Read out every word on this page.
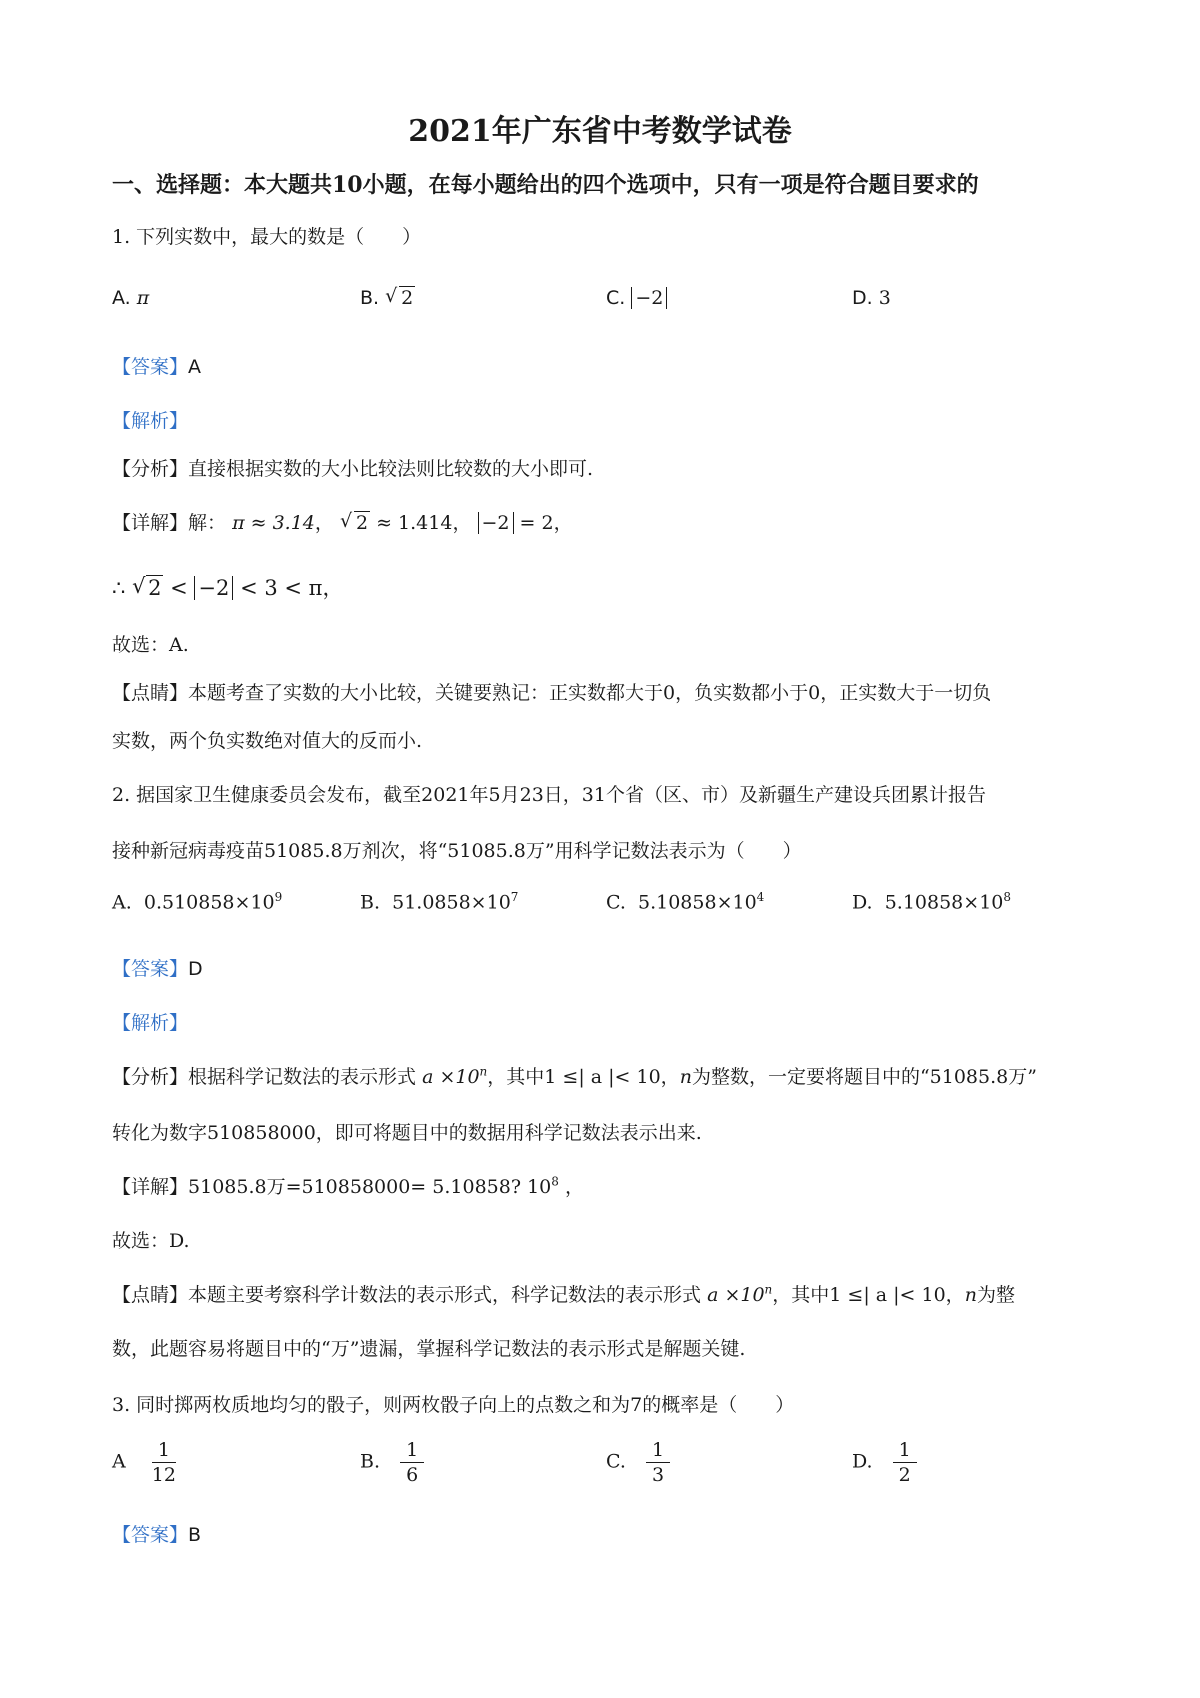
2021年广东省中考数学试卷
一、选择题：本大题共10小题，在每小题给出的四个选项中，只有一项是符合题目要求的
1. 下列实数中，最大的数是（　　）
A. π	B. √ 2	C. −2	D. 3
【答案】A
【解析】
【分析】直接根据实数的大小比较法则比较数的大小即可.
【详解】解： π ≈ 3.14， √ 2 ≈ 1.414， −2 = 2，
∴ √ 2 < −2 < 3 < π，
故选：A.
【点睛】本题考查了实数的大小比较，关键要熟记：正实数都大于0，负实数都小于0，正实数大于一切负
实数，两个负实数绝对值大的反而小.
2. 据国家卫生健康委员会发布，截至2021年5月23日，31个省（区、市）及新疆生产建设兵团累计报告
接种新冠病毒疫苗51085.8万剂次，将“51085.8万”用科学记数法表示为（　　）
A. $0.510858\times 10^9$	B. $51.0858\times 10^7$	C. $5.10858\times 10^4$	D. $5.10858\times 10^8$
【答案】D
【解析】
【分析】根据科学记数法的表示形式 $a \times 10^n$，其中1 ≤| a |< 10，n为整数，一定要将题目中的“51085.8万”
转化为数字510858000，即可将题目中的数据用科学记数法表示出来.
【详解】51085.8万=510858000= 5.10858? $10^8$ ，
故选：D.
【点睛】本题主要考察科学计数法的表示形式，科学记数法的表示形式 $a \times 10^n$，其中1 ≤| a |< 10，n为整
数，此题容易将题目中的“万”遗漏，掌握科学记数法的表示形式是解题关键.
3. 同时掷两枚质地均匀的骰子，则两枚骰子向上的点数之和为7的概率是（　　）
A $\frac{1}{12}$	B. $\frac{1}{6}$	C. $\frac{1}{3}$	D. $\frac{1}{2}$
【答案】B
